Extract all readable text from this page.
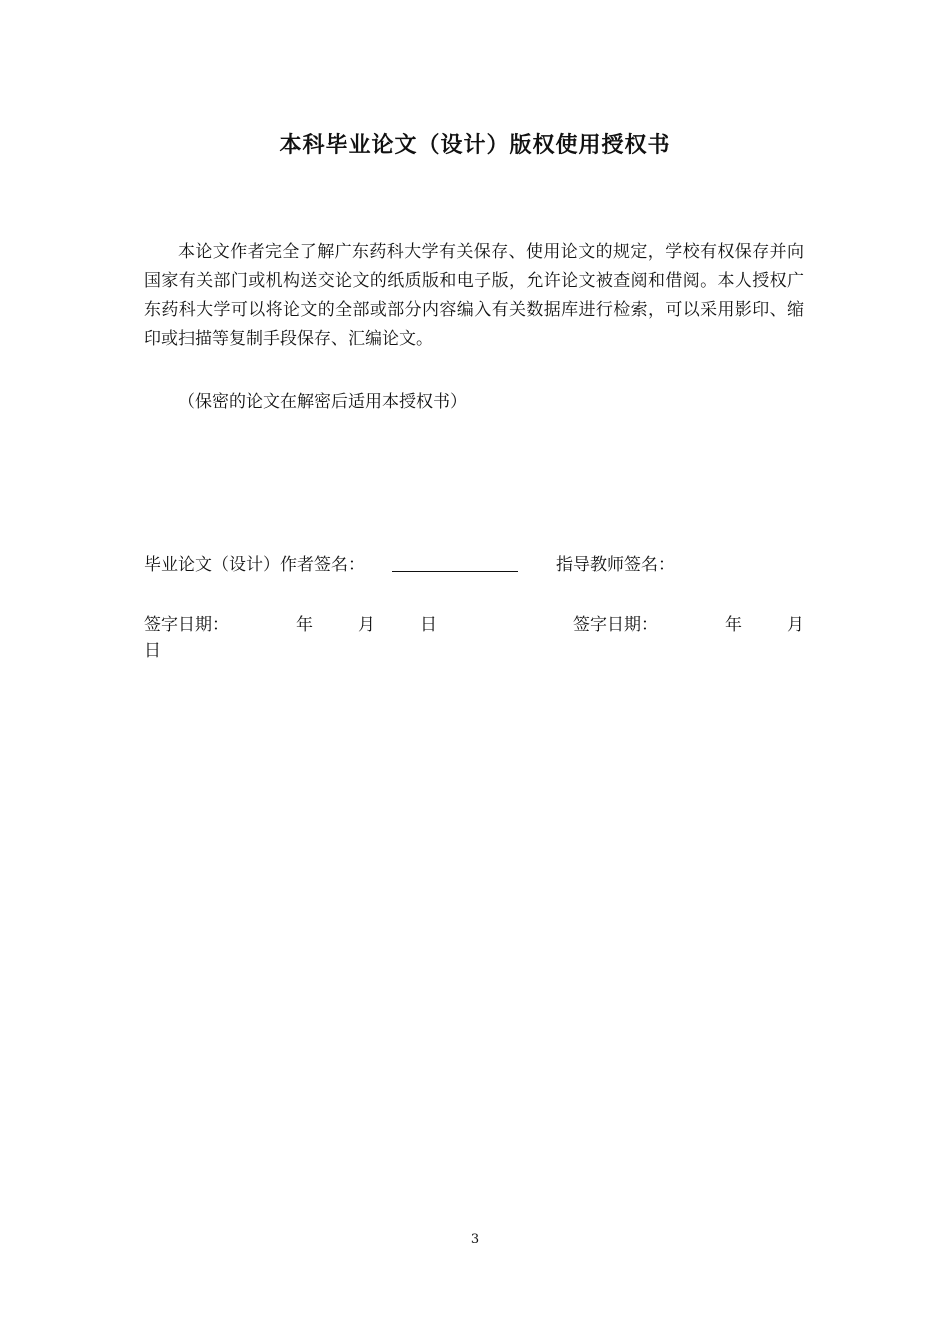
本科毕业论文（设计）版权使用授权书

本论文作者完全了解广东药科大学有关保存、使用论文的规定，学校有权保存并向国家有关部门或机构送交论文的纸质版和电子版，允许论文被查阅和借阅。本人授权广东药科大学可以将论文的全部或部分内容编入有关数据库进行检索，可以采用影印、缩印或扫描等复制手段保存、汇编论文。

（保密的论文在解密后适用本授权书）

毕业论文（设计）作者签名：	指导教师签名：
签字日期：	年	月	日	签字日期：	年	月
日
3
